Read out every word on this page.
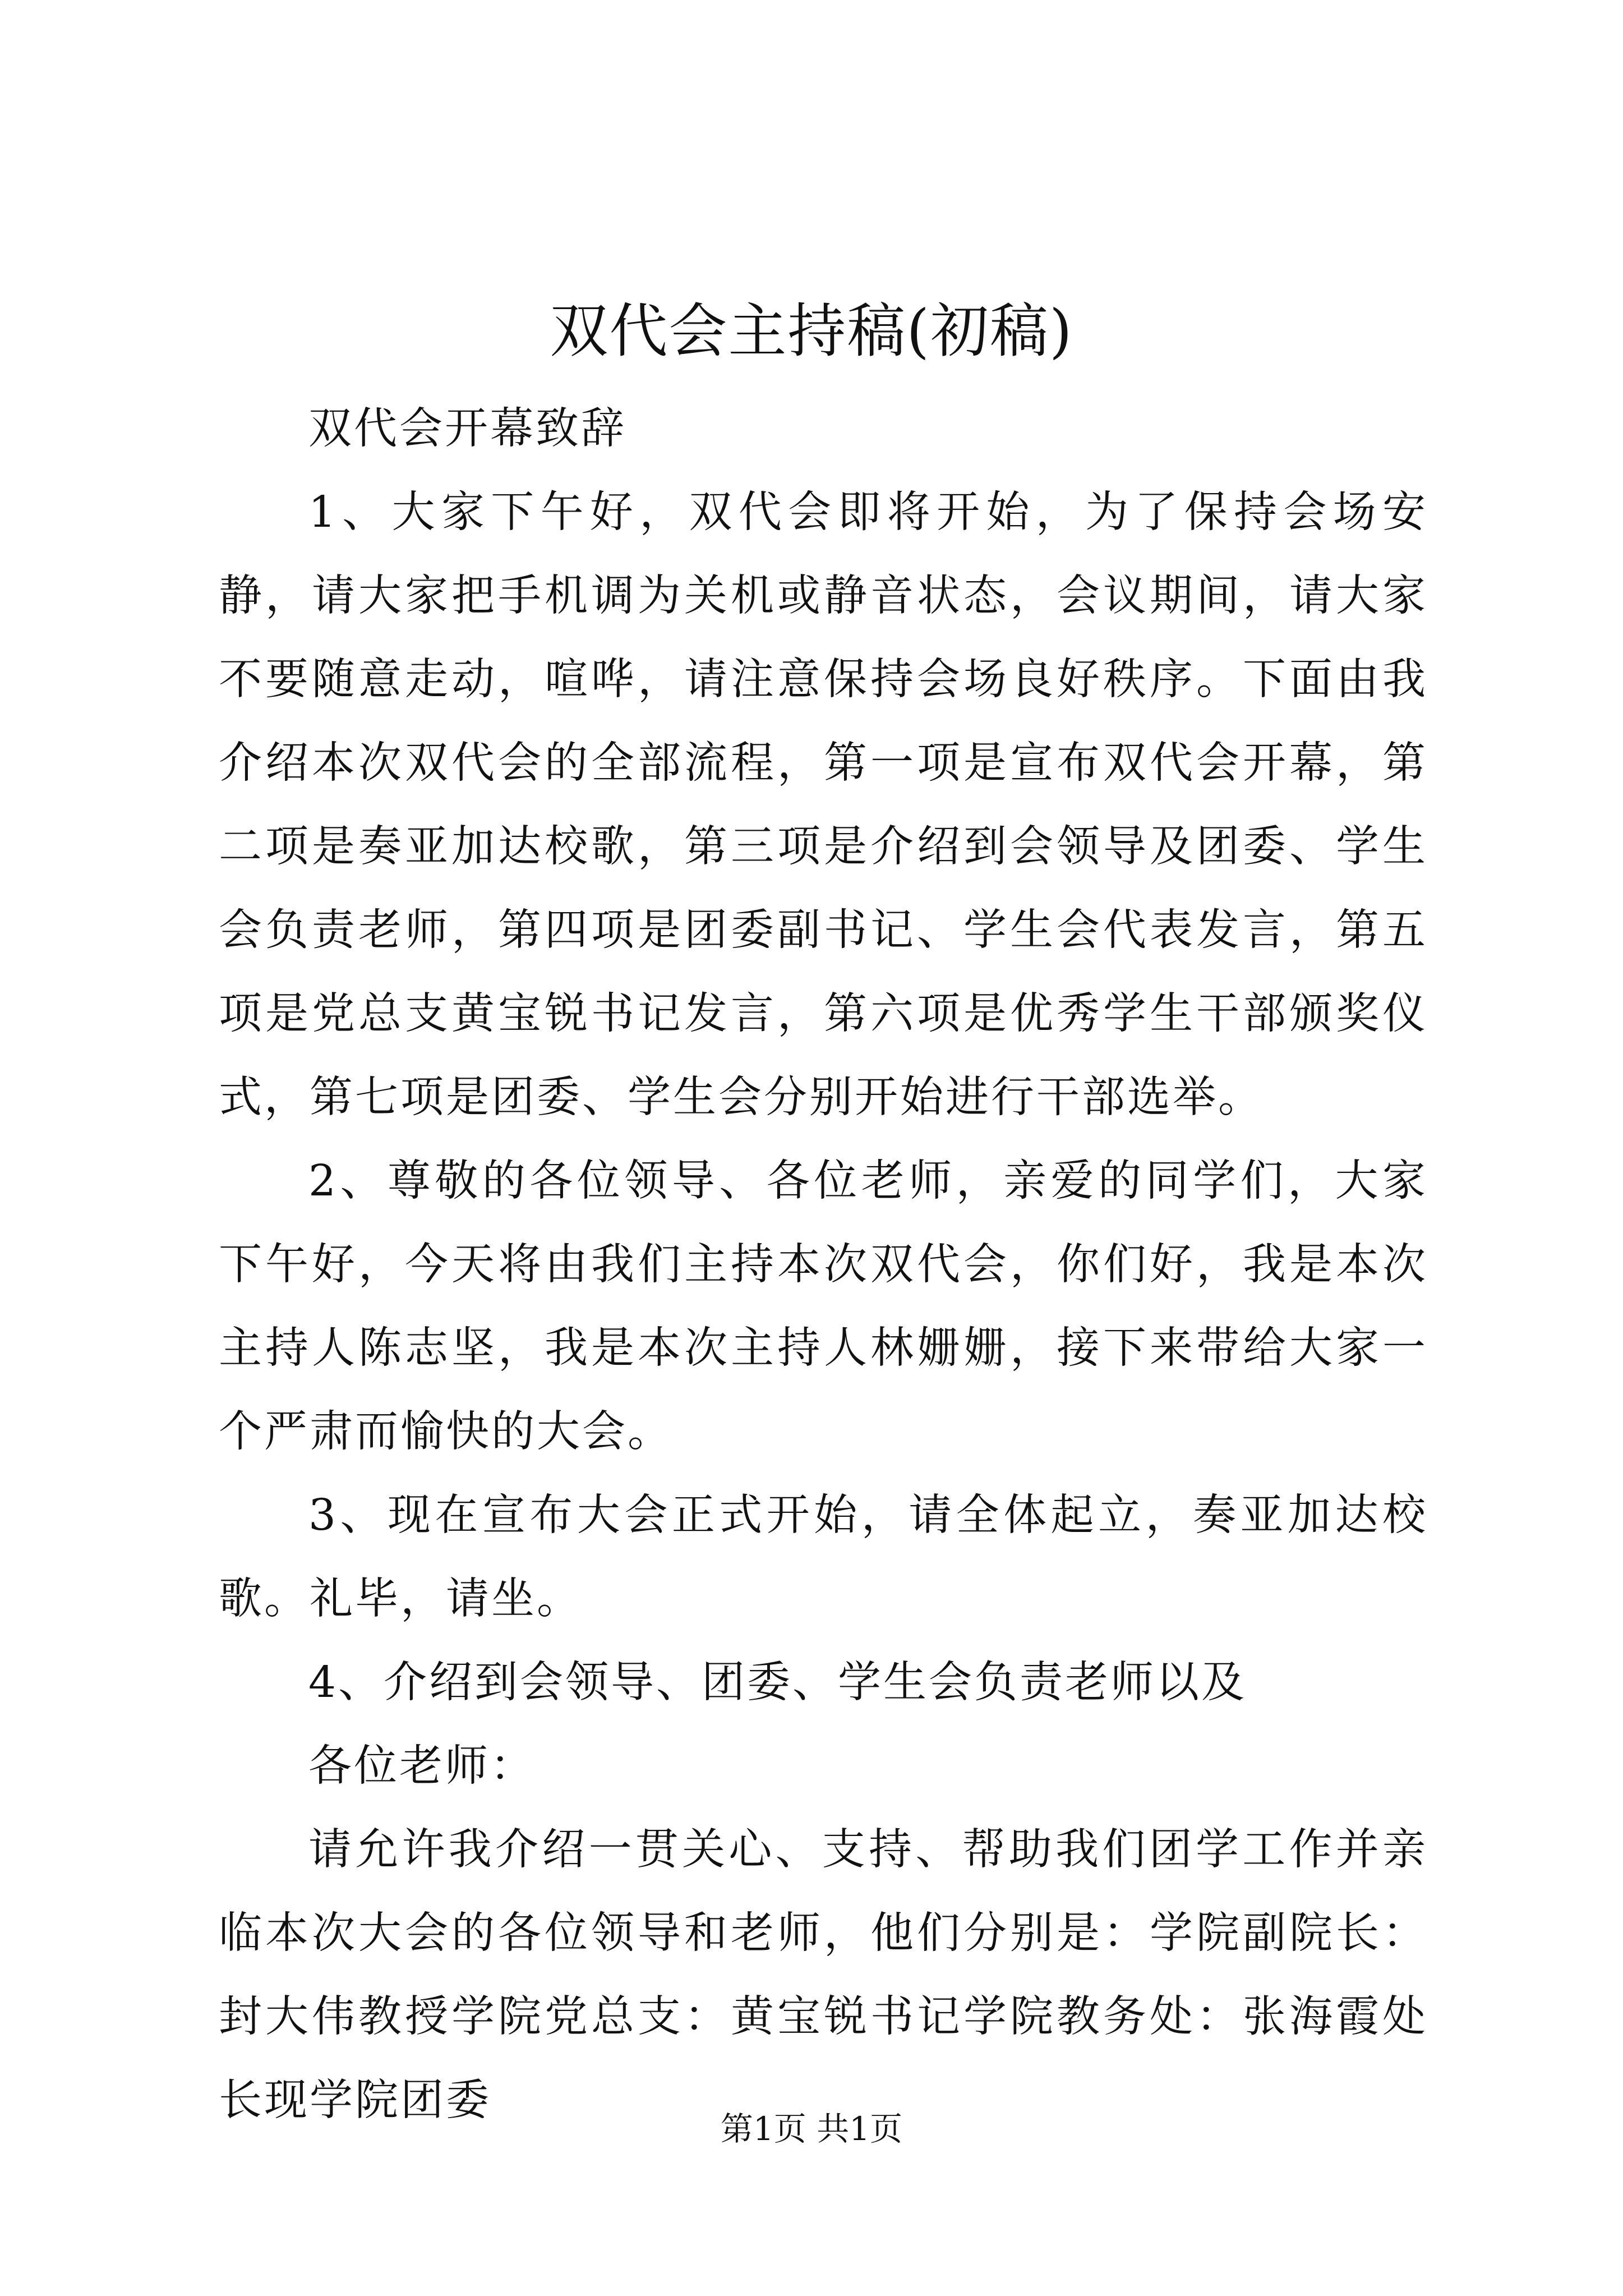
双代会主持稿(初稿)

双代会开幕致辞

1、大家下午好，双代会即将开始，为了保持会场安静，请大家把手机调为关机或静音状态，会议期间，请大家不要随意走动，喧哗，请注意保持会场良好秩序。下面由我介绍本次双代会的全部流程，第一项是宣布双代会开幕，第二项是奏亚加达校歌，第三项是介绍到会领导及团委、学生会负责老师，第四项是团委副书记、学生会代表发言，第五项是党总支黄宝锐书记发言，第六项是优秀学生干部颁奖仪式，第七项是团委、学生会分别开始进行干部选举。

2、尊敬的各位领导、各位老师，亲爱的同学们，大家下午好，今天将由我们主持本次双代会，你们好，我是本次主持人陈志坚，我是本次主持人林姗姗，接下来带给大家一个严肃而愉快的大会。

3、现在宣布大会正式开始，请全体起立，奏亚加达校歌。礼毕，请坐。

4、介绍到会领导、团委、学生会负责老师以及

各位老师：

请允许我介绍一贯关心、支持、帮助我们团学工作并亲临本次大会的各位领导和老师，他们分别是：学院副院长：封大伟教授学院党总支：黄宝锐书记学院教务处：张海霞处长现学院团委

第1页 共1页
